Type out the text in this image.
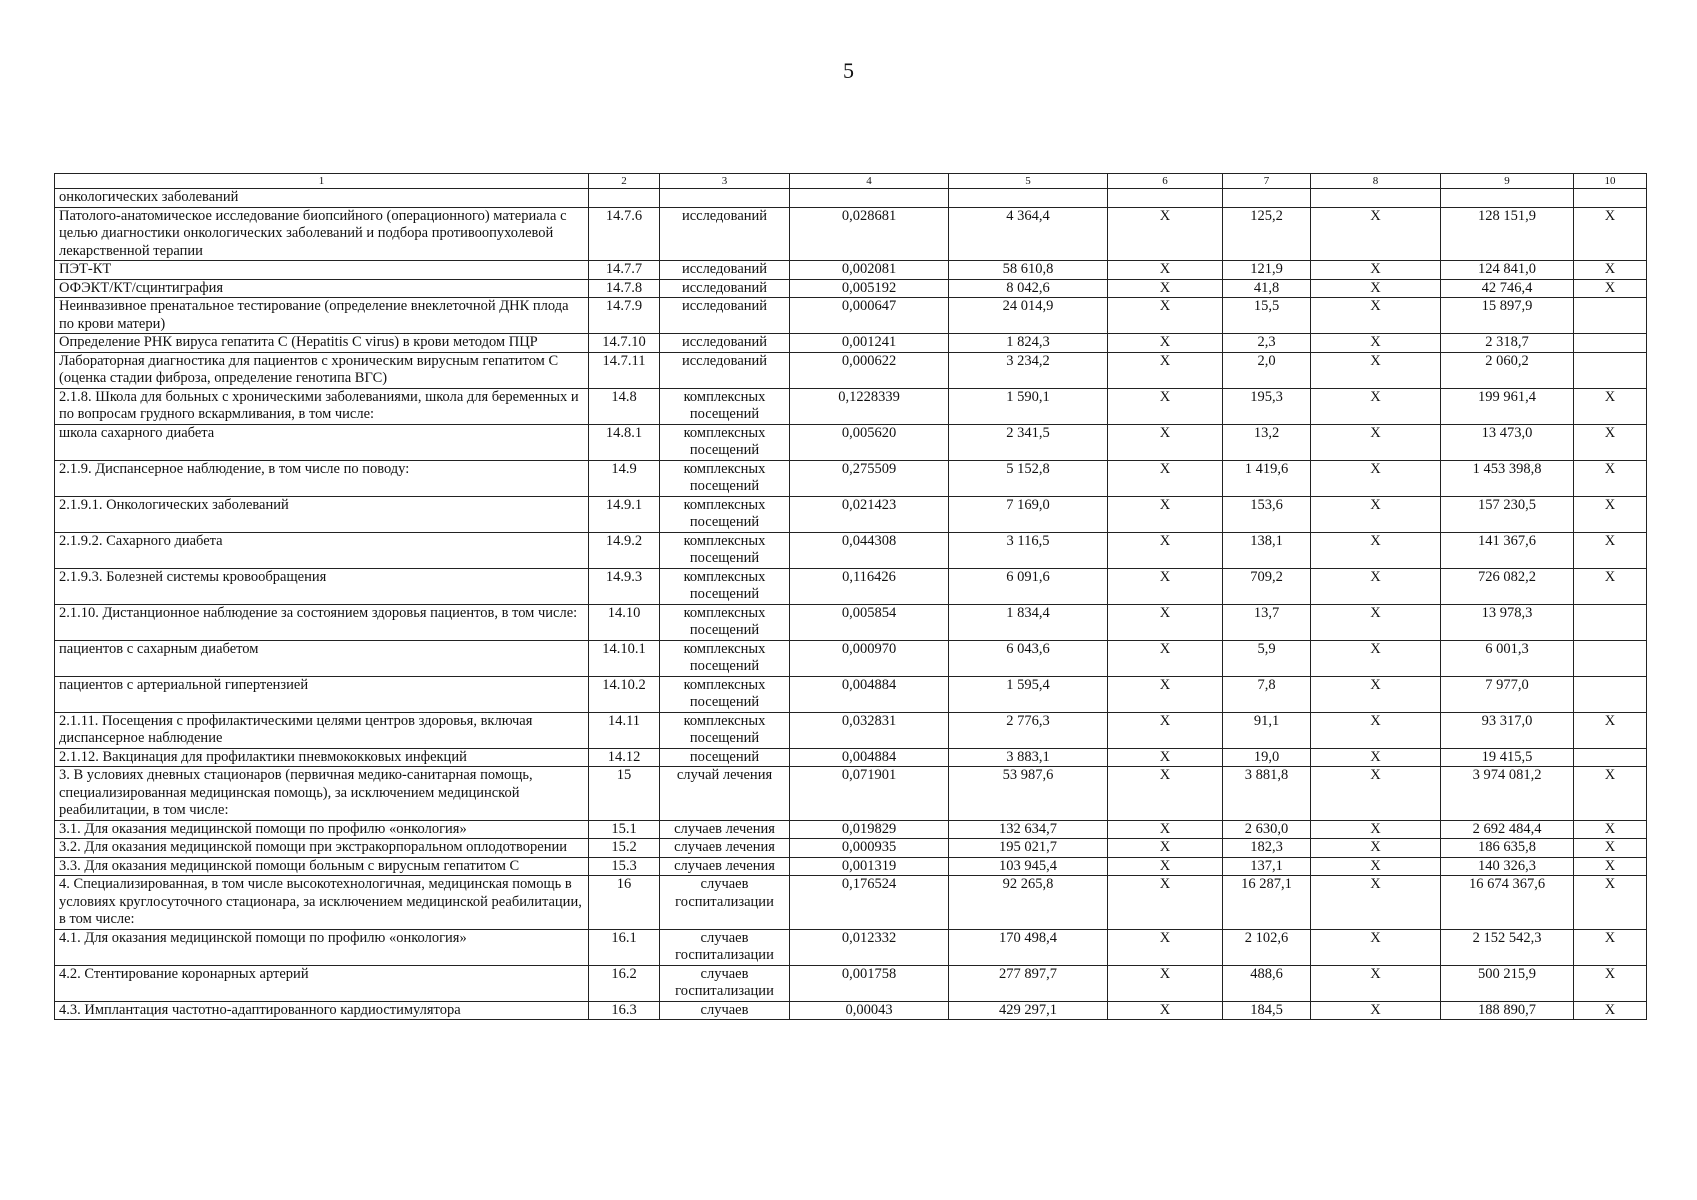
5
1	2	3	4	5	6	7	8	9	10
онкологических заболеваний									
Патолого-анатомическое исследование биопсийного (операционного) материала с целью диагностики онкологических заболеваний и подбора противоопухолевой лекарственной терапии	14.7.6	исследований	0,028681	4 364,4	Х	125,2	Х	128 151,9	Х
ПЭТ-КТ	14.7.7	исследований	0,002081	58 610,8	Х	121,9	Х	124 841,0	Х
ОФЭКТ/КТ/сцинтиграфия	14.7.8	исследований	0,005192	8 042,6	Х	41,8	Х	42 746,4	Х
Неинвазивное пренатальное тестирование (определение внеклеточной ДНК плода по крови матери)	14.7.9	исследований	0,000647	24 014,9	Х	15,5	Х	15 897,9	
Определение РНК вируса гепатита С (Hepatitis C virus) в крови методом ПЦР	14.7.10	исследований	0,001241	1 824,3	Х	2,3	Х	2 318,7	
Лабораторная диагностика для пациентов с хроническим вирусным гепатитом С (оценка стадии фиброза, определение генотипа ВГС)	14.7.11	исследований	0,000622	3 234,2	Х	2,0	Х	2 060,2	
2.1.8. Школа для больных с хроническими заболеваниями, школа для беременных и по вопросам грудного вскармливания, в том числе:	14.8	комплексных посещений	0,1228339	1 590,1	Х	195,3	Х	199 961,4	Х
школа сахарного диабета	14.8.1	комплексных посещений	0,005620	2 341,5	Х	13,2	Х	13 473,0	Х
2.1.9. Диспансерное наблюдение, в том числе по поводу:	14.9	комплексных посещений	0,275509	5 152,8	Х	1 419,6	Х	1 453 398,8	Х
2.1.9.1. Онкологических заболеваний	14.9.1	комплексных посещений	0,021423	7 169,0	Х	153,6	Х	157 230,5	Х
2.1.9.2. Сахарного диабета	14.9.2	комплексных посещений	0,044308	3 116,5	Х	138,1	Х	141 367,6	Х
2.1.9.3. Болезней системы кровообращения	14.9.3	комплексных посещений	0,116426	6 091,6	Х	709,2	Х	726 082,2	Х
2.1.10. Дистанционное наблюдение за состоянием здоровья пациентов, в том числе:	14.10	комплексных посещений	0,005854	1 834,4	Х	13,7	Х	13 978,3	
пациентов с сахарным диабетом	14.10.1	комплексных посещений	0,000970	6 043,6	Х	5,9	Х	6 001,3	
пациентов с артериальной гипертензией	14.10.2	комплексных посещений	0,004884	1 595,4	Х	7,8	Х	7 977,0	
2.1.11. Посещения с профилактическими целями центров здоровья, включая диспансерное наблюдение	14.11	комплексных посещений	0,032831	2 776,3	Х	91,1	Х	93 317,0	Х
2.1.12. Вакцинация для профилактики пневмококковых инфекций	14.12	посещений	0,004884	3 883,1	Х	19,0	Х	19 415,5	
3. В условиях дневных стационаров (первичная медико-санитарная помощь, специализированная медицинская помощь), за исключением медицинской реабилитации, в том числе:	15	случай лечения	0,071901	53 987,6	Х	3 881,8	Х	3 974 081,2	Х
3.1. Для оказания медицинской помощи по профилю «онкология»	15.1	случаев лечения	0,019829	132 634,7	Х	2 630,0	Х	2 692 484,4	Х
3.2. Для оказания медицинской помощи при экстракорпоральном оплодотворении	15.2	случаев лечения	0,000935	195 021,7	Х	182,3	Х	186 635,8	Х
3.3. Для оказания медицинской помощи больным с вирусным гепатитом С	15.3	случаев лечения	0,001319	103 945,4	Х	137,1	Х	140 326,3	Х
4. Специализированная, в том числе высокотехнологичная, медицинская помощь в условиях круглосуточного стационара, за исключением медицинской реабилитации, в том числе:	16	случаев госпитализации	0,176524	92 265,8	Х	16 287,1	Х	16 674 367,6	Х
4.1. Для оказания медицинской помощи по профилю «онкология»	16.1	случаев госпитализации	0,012332	170 498,4	Х	2 102,6	Х	2 152 542,3	Х
4.2. Стентирование коронарных артерий	16.2	случаев госпитализации	0,001758	277 897,7	Х	488,6	Х	500 215,9	Х
4.3. Имплантация частотно-адаптированного кардиостимулятора	16.3	случаев	0,00043	429 297,1	Х	184,5	Х	188 890,7	Х
